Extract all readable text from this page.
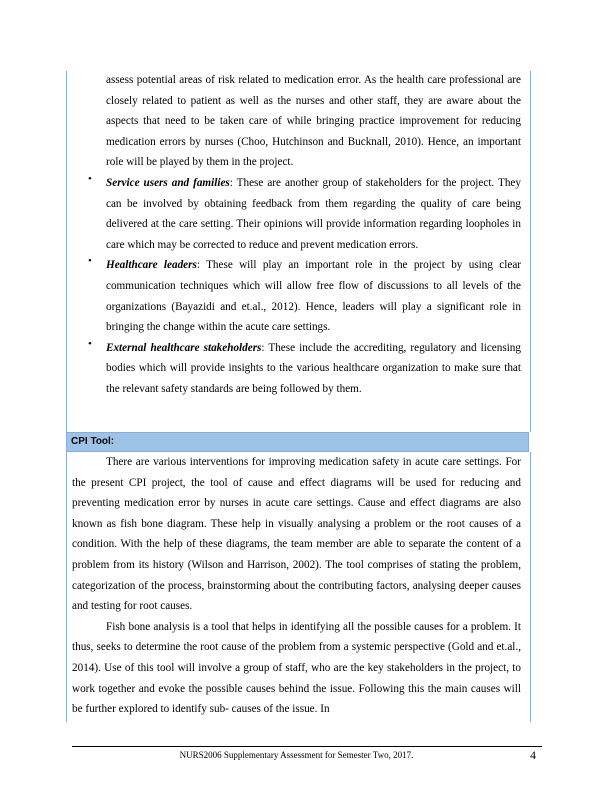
assess potential areas of risk related to medication error. As the health care professional are closely related to patient as well as the nurses and other staff, they are aware about the aspects that need to be taken care of while bringing practice improvement for reducing medication errors by nurses (Choo, Hutchinson and Bucknall, 2010). Hence, an important role will be played by them in the project.

• Service users and families: These are another group of stakeholders for the project. They can be involved by obtaining feedback from them regarding the quality of care being delivered at the care setting. Their opinions will provide information regarding loopholes in care which may be corrected to reduce and prevent medication errors.

• Healthcare leaders: These will play an important role in the project by using clear communication techniques which will allow free flow of discussions to all levels of the organizations (Bayazidi and et.al., 2012). Hence, leaders will play a significant role in bringing the change within the acute care settings.

• External healthcare stakeholders: These include the accrediting, regulatory and licensing bodies which will provide insights to the various healthcare organization to make sure that the relevant safety standards are being followed by them.

CPI Tool:

There are various interventions for improving medication safety in acute care settings. For the present CPI project, the tool of cause and effect diagrams will be used for reducing and preventing medication error by nurses in acute care settings. Cause and effect diagrams are also known as fish bone diagram. These help in visually analysing a problem or the root causes of a condition. With the help of these diagrams, the team member are able to separate the content of a problem from its history (Wilson and Harrison, 2002). The tool comprises of stating the problem, categorization of the process, brainstorming about the contributing factors, analysing deeper causes and testing for root causes.

Fish bone analysis is a tool that helps in identifying all the possible causes for a problem. It thus, seeks to determine the root cause of the problem from a systemic perspective (Gold and et.al., 2014). Use of this tool will involve a group of staff, who are the key stakeholders in the project, to work together and evoke the possible causes behind the issue. Following this the main causes will be further explored to identify sub- causes of the issue. In

NURS2006 Supplementary Assessment for Semester Two, 2017.	4
